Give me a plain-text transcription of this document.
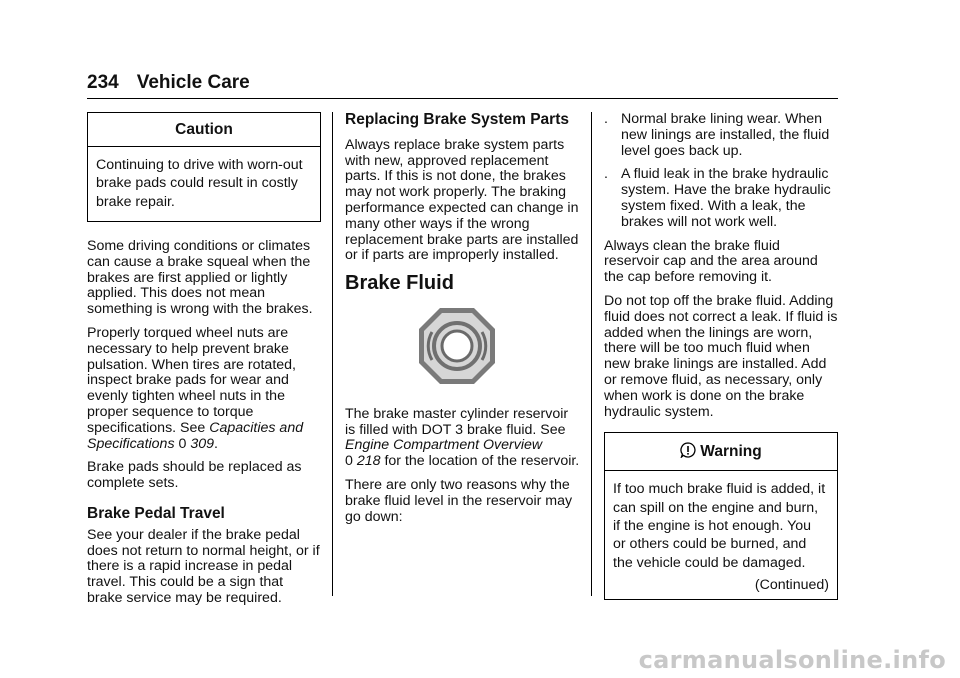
234 Vehicle Care
Caution
Continuing to drive with worn-out
brake pads could result in costly
brake repair.

Some driving conditions or climates can cause a brake squeal when the brakes are first applied or lightly applied. This does not mean something is wrong with the brakes.

Properly torqued wheel nuts are necessary to help prevent brake pulsation. When tires are rotated, inspect brake pads for wear and evenly tighten wheel nuts in the proper sequence to torque specifications. See Capacities and Specifications 0 309.

Brake pads should be replaced as complete sets.

Brake Pedal Travel

See your dealer if the brake pedal does not return to normal height, or if there is a rapid increase in pedal travel. This could be a sign that brake service may be required.

Replacing Brake System Parts

Always replace brake system parts with new, approved replacement parts. If this is not done, the brakes may not work properly. The braking performance expected can change in many other ways if the wrong replacement brake parts are installed or if parts are improperly installed.

Brake Fluid

The brake master cylinder reservoir is filled with DOT 3 brake fluid. See Engine Compartment Overview
0 218 for the location of the reservoir.

There are only two reasons why the brake fluid level in the reservoir may go down:

. Normal brake lining wear. When new linings are installed, the fluid level goes back up.
. A fluid leak in the brake hydraulic system. Have the brake hydraulic system fixed. With a leak, the brakes will not work well.

Always clean the brake fluid reservoir cap and the area around the cap before removing it.

Do not top off the brake fluid. Adding fluid does not correct a leak. If fluid is added when the linings are worn, there will be too much fluid when new brake linings are installed. Add or remove fluid, as necessary, only when work is done on the brake hydraulic system.

Warning
If too much brake fluid is added, it
can spill on the engine and burn,
if the engine is hot enough. You
or others could be burned, and
the vehicle could be damaged.
(Continued)
carmanualsonline.info
